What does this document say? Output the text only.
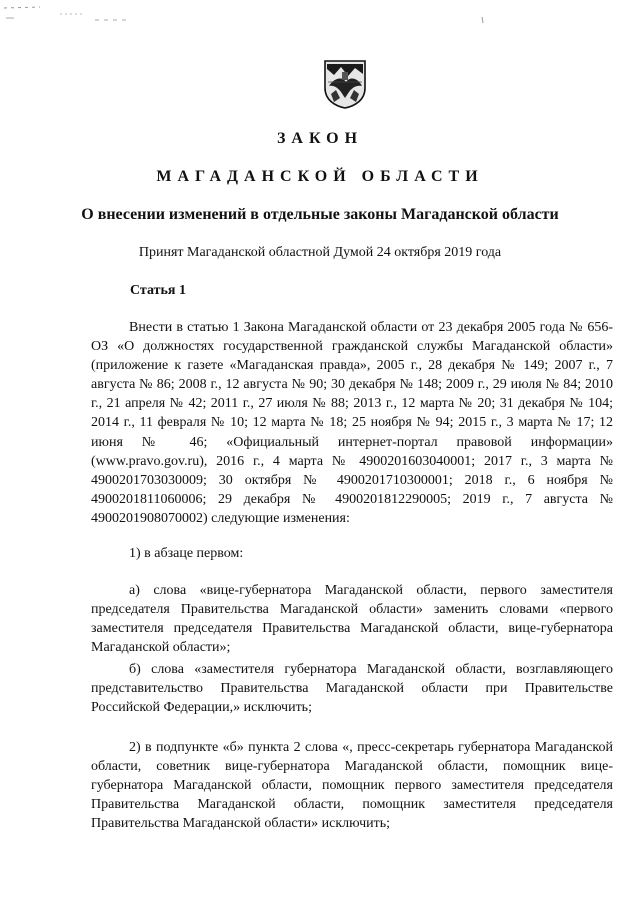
ЗАКОН
МАГАДАНСКОЙ ОБЛАСТИ
О внесении изменений в отдельные законы Магаданской области
Принят Магаданской областной Думой 24 октября 2019 года
Статья 1

Внести в статью 1 Закона Магаданской области от 23 декабря 2005 года № 656-ОЗ «О должностях государственной гражданской службы Магаданской области» (приложение к газете «Магаданская правда», 2005 г., 28 декабря № 149; 2007 г., 7 августа № 86; 2008 г., 12 августа № 90; 30 декабря № 148; 2009 г., 29 июля № 84; 2010 г., 21 апреля № 42; 2011 г., 27 июля № 88; 2013 г., 12 марта № 20; 31 декабря № 104; 2014 г., 11 февраля № 10; 12 марта № 18; 25 ноября № 94; 2015 г., 3 марта № 17; 12 июня № 46; «Официальный интернет-портал правовой информации» (www.pravo.gov.ru), 2016 г., 4 марта № 4900201603040001; 2017 г., 3 марта № 4900201703030009; 30 октября № 4900201710300001; 2018 г., 6 ноября № 4900201811060006; 29 декабря № 4900201812290005; 2019 г., 7 августа № 4900201908070002) следующие изменения:

1) в абзаце первом:

а) слова «вице-губернатора Магаданской области, первого заместителя председателя Правительства Магаданской области» заменить словами «первого заместителя председателя Правительства Магаданской области, вице-губернатора Магаданской области»;

б) слова «заместителя губернатора Магаданской области, возглавляющего представительство Правительства Магаданской области при Правительстве Российской Федерации,» исключить;

2) в подпункте «б» пункта 2 слова «, пресс-секретарь губернатора Магаданской области, советник вице-губернатора Магаданской области, помощник вице-губернатора Магаданской области, помощник первого заместителя председателя Правительства Магаданской области, помощник заместителя председателя Правительства Магаданской области» исключить;
